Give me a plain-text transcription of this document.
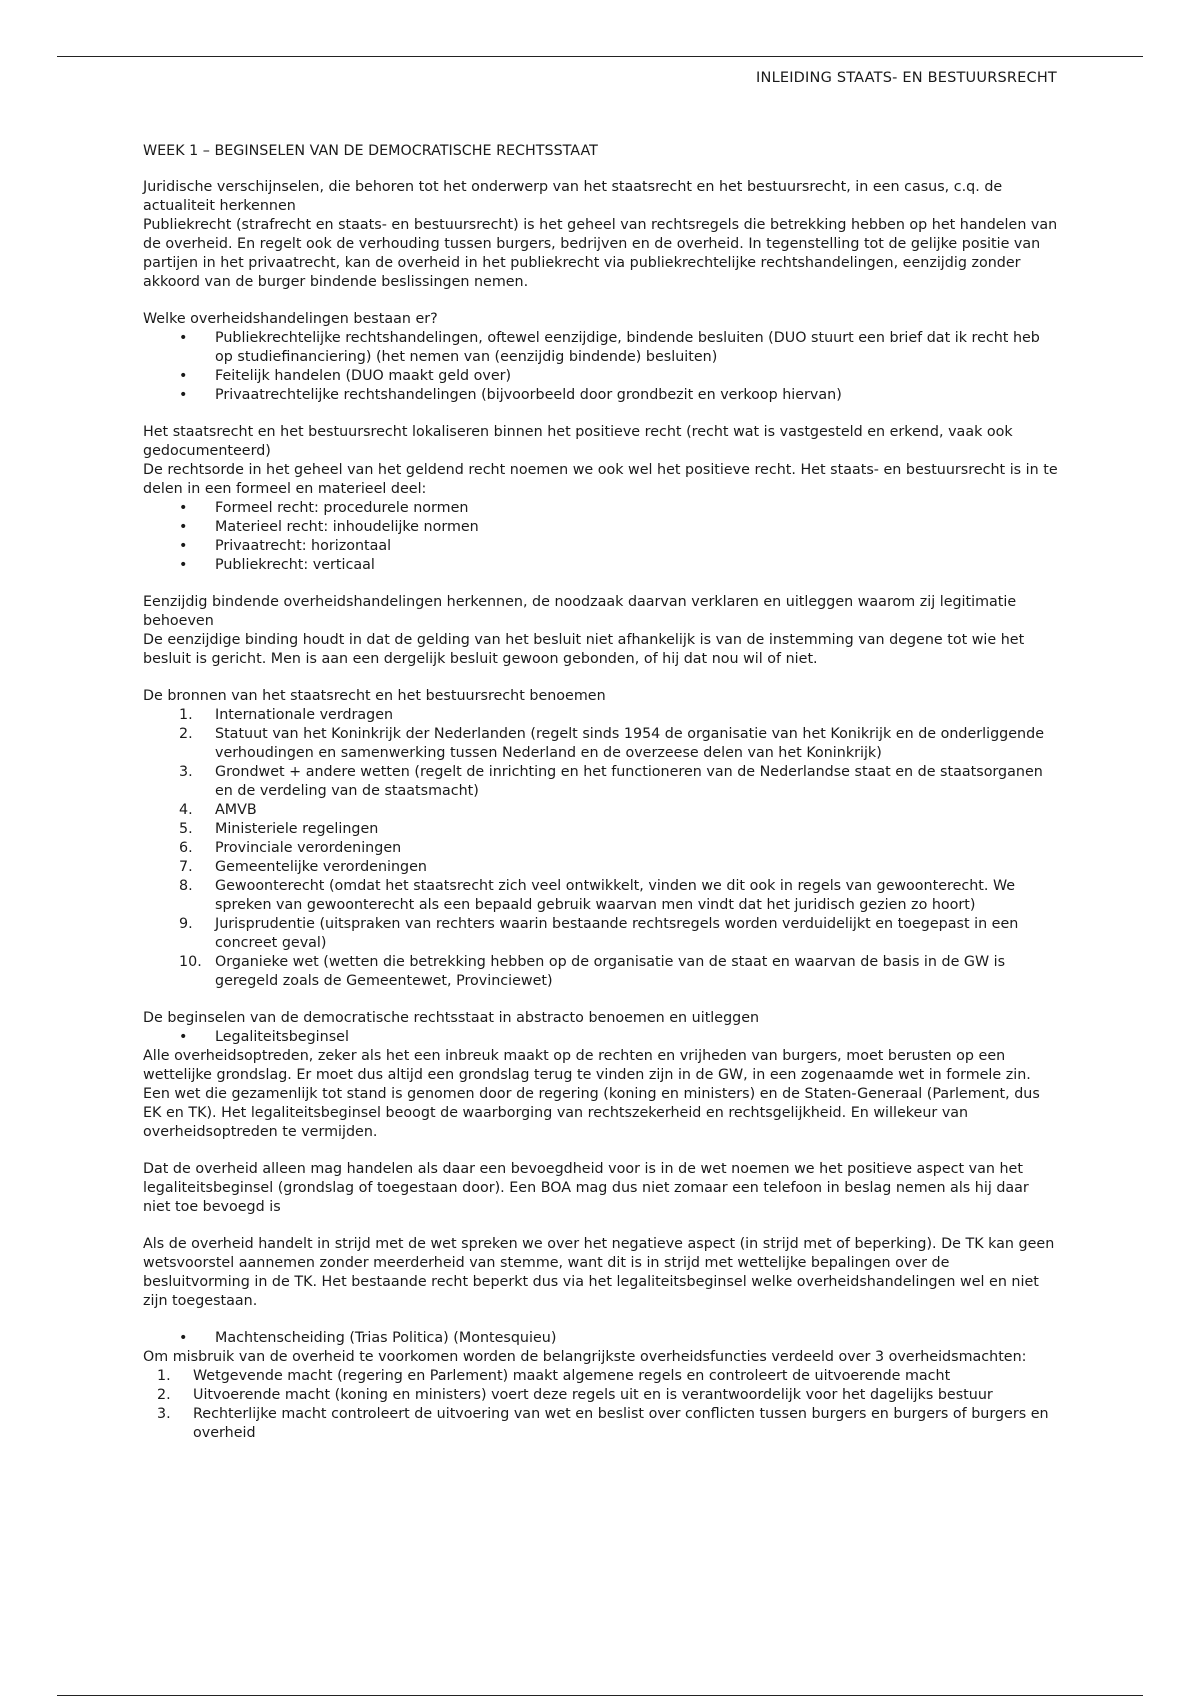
INLEIDING STAATS- EN BESTUURSRECHT

WEEK 1 – BEGINSELEN VAN DE DEMOCRATISCHE RECHTSSTAAT

Juridische verschijnselen, die behoren tot het onderwerp van het staatsrecht en het bestuursrecht, in een casus, c.q. de actualiteit herkennen

Publiekrecht (strafrecht en staats- en bestuursrecht) is het geheel van rechtsregels die betrekking hebben op het handelen van de overheid. En regelt ook de verhouding tussen burgers, bedrijven en de overheid. In tegenstelling tot de gelijke positie van partijen in het privaatrecht, kan de overheid in het publiekrecht via publiekrechtelijke rechtshandelingen, eenzijdig zonder akkoord van de burger bindende beslissingen nemen.

Welke overheidshandelingen bestaan er?

• Publiekrechtelijke rechtshandelingen, oftewel eenzijdige, bindende besluiten (DUO stuurt een brief dat ik recht heb op studiefinanciering) (het nemen van (eenzijdig bindende) besluiten)
• Feitelijk handelen (DUO maakt geld over)
• Privaatrechtelijke rechtshandelingen (bijvoorbeeld door grondbezit en verkoop hiervan)

Het staatsrecht en het bestuursrecht lokaliseren binnen het positieve recht (recht wat is vastgesteld en erkend, vaak ook gedocumenteerd)

De rechtsorde in het geheel van het geldend recht noemen we ook wel het positieve recht. Het staats- en bestuursrecht is in te delen in een formeel en materieel deel:

• Formeel recht: procedurele normen
• Materieel recht: inhoudelijke normen
• Privaatrecht: horizontaal
• Publiekrecht: verticaal

Eenzijdig bindende overheidshandelingen herkennen, de noodzaak daarvan verklaren en uitleggen waarom zij legitimatie behoeven

De eenzijdige binding houdt in dat de gelding van het besluit niet afhankelijk is van de instemming van degene tot wie het besluit is gericht. Men is aan een dergelijk besluit gewoon gebonden, of hij dat nou wil of niet.

De bronnen van het staatsrecht en het bestuursrecht benoemen

1.	Internationale verdragen
2.	Statuut van het Koninkrijk der Nederlanden (regelt sinds 1954 de organisatie van het Konikrijk en de onderliggende verhoudingen en samenwerking tussen Nederland en de overzeese delen van het Koninkrijk)
3.	Grondwet + andere wetten (regelt de inrichting en het functioneren van de Nederlandse staat en de staatsorganen en de verdeling van de staatsmacht)
4.	AMVB
5.	Ministeriele regelingen
6.	Provinciale verordeningen
7.	Gemeentelijke verordeningen
8.	Gewoonterecht (omdat het staatsrecht zich veel ontwikkelt, vinden we dit ook in regels van gewoonterecht. We spreken van gewoonterecht als een bepaald gebruik waarvan men vindt dat het juridisch gezien zo hoort)
9.	Jurisprudentie (uitspraken van rechters waarin bestaande rechtsregels worden verduidelijkt en toegepast in een concreet geval)
10. Organieke wet (wetten die betrekking hebben op de organisatie van de staat en waarvan de basis in de GW is geregeld zoals de Gemeentewet, Provinciewet)

De beginselen van de democratische rechtsstaat in abstracto benoemen en uitleggen

• Legaliteitsbeginsel

Alle overheidsoptreden, zeker als het een inbreuk maakt op de rechten en vrijheden van burgers, moet berusten op een wettelijke grondslag. Er moet dus altijd een grondslag terug te vinden zijn in de GW, in een zogenaamde wet in formele zin. Een wet die gezamenlijk tot stand is genomen door de regering (koning en ministers) en de Staten-Generaal (Parlement, dus EK en TK). Het legaliteitsbeginsel beoogt de waarborging van rechtszekerheid en rechtsgelijkheid. En willekeur van overheidsoptreden te vermijden.

Dat de overheid alleen mag handelen als daar een bevoegdheid voor is in de wet noemen we het positieve aspect van het legaliteitsbeginsel (grondslag of toegestaan door). Een BOA mag dus niet zomaar een telefoon in beslag nemen als hij daar niet toe bevoegd is

Als de overheid handelt in strijd met de wet spreken we over het negatieve aspect (in strijd met of beperking). De TK kan geen wetsvoorstel aannemen zonder meerderheid van stemme, want dit is in strijd met wettelijke bepalingen over de besluitvorming in de TK. Het bestaande recht beperkt dus via het legaliteitsbeginsel welke overheidshandelingen wel en niet zijn toegestaan.

• Machtenscheiding (Trias Politica) (Montesquieu)

Om misbruik van de overheid te voorkomen worden de belangrijkste overheidsfuncties verdeeld over 3 overheidsmachten:

1. Wetgevende macht (regering en Parlement) maakt algemene regels en controleert de uitvoerende macht
2. Uitvoerende macht (koning en ministers) voert deze regels uit en is verantwoordelijk voor het dagelijks bestuur
3. Rechterlijke macht controleert de uitvoering van wet en beslist over conflicten tussen burgers en burgers of burgers en overheid
